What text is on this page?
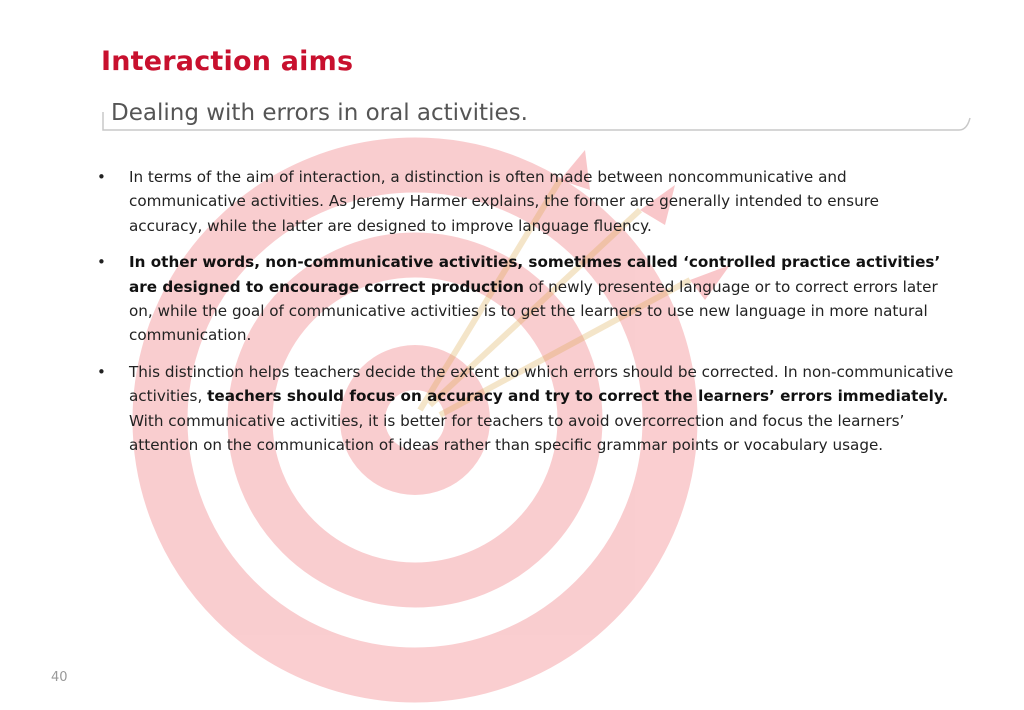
Interaction aims
Dealing with errors in oral activities.
• In terms of the aim of interaction, a distinction is often made between noncommunicative and communicative activities. As Jeremy Harmer explains, the former are generally intended to ensure accuracy, while the latter are designed to improve language fluency.
• In other words, non-communicative activities, sometimes called ‘controlled practice activities’ are designed to encourage correct production of newly presented language or to correct errors later on, while the goal of communicative activities is to get the learners to use new language in more natural communication.
• This distinction helps teachers decide the extent to which errors should be corrected. In non-communicative activities, teachers should focus on accuracy and try to correct the learners’ errors immediately. With communicative activities, it is better for teachers to avoid overcorrection and focus the learners’ attention on the communication of ideas rather than specific grammar points or vocabulary usage.
40
